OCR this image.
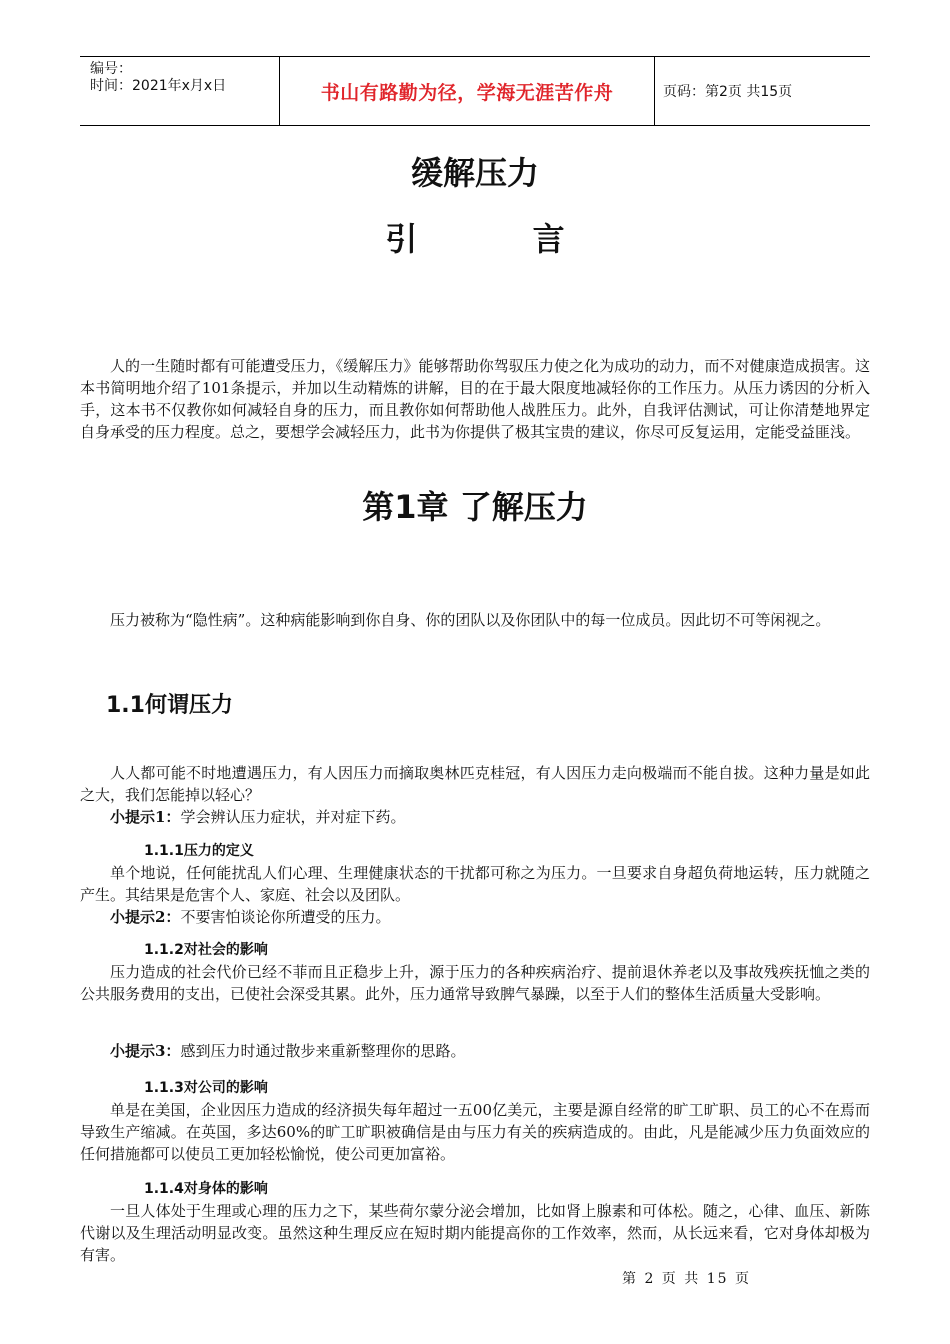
编号：
时间：2021年x月x日	书山有路勤为径，学海无涯苦作舟	页码：第2页 共15页
缓解压力
引 言

人的一生随时都有可能遭受压力，《缓解压力》能够帮助你驾驭压力使之化为成功的动力，而不对健康造成损害。这本书简明地介绍了101条提示，并加以生动精炼的讲解，目的在于最大限度地减轻你的工作压力。从压力诱因的分析入手，这本书不仅教你如何减轻自身的压力，而且教你如何帮助他人战胜压力。此外，自我评估测试，可让你清楚地界定自身承受的压力程度。总之，要想学会减轻压力，此书为你提供了极其宝贵的建议，你尽可反复运用，定能受益匪浅。

第1章 了解压力

压力被称为“隐性病”。这种病能影响到你自身、你的团队以及你团队中的每一位成员。因此切不可等闲视之。

1.1何谓压力

人人都可能不时地遭遇压力，有人因压力而摘取奥林匹克桂冠，有人因压力走向极端而不能自拔。这种力量是如此之大，我们怎能掉以轻心？

小提示1：学会辨认压力症状，并对症下药。

1.1.1压力的定义

单个地说，任何能扰乱人们心理、生理健康状态的干扰都可称之为压力。一旦要求自身超负荷地运转，压力就随之产生。其结果是危害个人、家庭、社会以及团队。

小提示2：不要害怕谈论你所遭受的压力。

1.1.2对社会的影响

压力造成的社会代价已经不菲而且正稳步上升，源于压力的各种疾病治疗、提前退休养老以及事故残疾抚恤之类的公共服务费用的支出，已使社会深受其累。此外，压力通常导致脾气暴躁，以至于人们的整体生活质量大受影响。

小提示3：感到压力时通过散步来重新整理你的思路。

1.1.3对公司的影响

单是在美国，企业因压力造成的经济损失每年超过一五00亿美元，主要是源自经常的旷工旷职、员工的心不在焉而导致生产缩减。在英国，多达60%的旷工旷职被确信是由与压力有关的疾病造成的。由此，凡是能减少压力负面效应的任何措施都可以使员工更加轻松愉悦，使公司更加富裕。

1.1.4对身体的影响

一旦人体处于生理或心理的压力之下，某些荷尔蒙分泌会增加，比如肾上腺素和可体松。随之，心律、血压、新陈代谢以及生理活动明显改变。虽然这种生理反应在短时期内能提高你的工作效率，然而，从长远来看，它对身体却极为有害。

第 2 页 共 15 页
